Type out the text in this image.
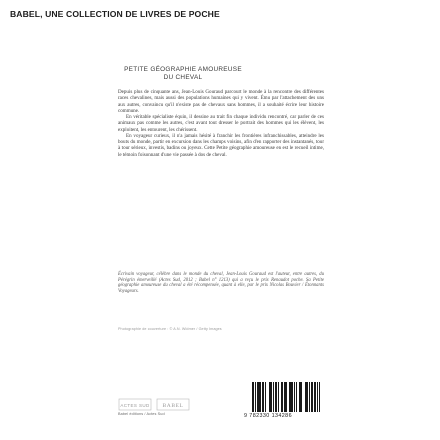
BABEL, UNE COLLECTION DE LIVRES DE POCHE
PETITE GÉOGRAPHIE AMOUREUSE
DU CHEVAL

Depuis plus de cinquante ans, Jean-Louis Gouraud parcourt le monde à la rencontre des différentes races chevalines, mais aussi des populations humaines qui y vivent. Ému par l'attachement des uns aux autres, convaincu qu'il n'existe pas de chevaux sans hommes, il a souhaité écrire leur histoire commune.

En véritable spécialiste équin, il dessine au trait fin chaque individu rencontré, car parler de ces animaux pas comme les autres, c'est avant tout dresser le portrait des hommes qui les élèvent, les exploitent, les entourent, les chérissent.

En voyageur curieux, il n'a jamais hésité à franchir les frontières infranchissables, atteindre les bouts du monde, partir en excursion dans les champs voisins, afin d'en rapporter des instantanés, tour à tour sérieux, investis, badins ou joyeux. Cette Petite géographie amoureuse en est le recueil intime, le témoin foisonnant d'une vie passée à dos de cheval.

Écrivain voyageur, célèbre dans le monde du cheval, Jean-Louis Gouraud est l'auteur, entre autres, du Pérégrin émerveillé (Actes Sud, 2012 ; Babel n° 1213) qui a reçu le prix Renaudot poche. Sa Petite géographie amoureuse du cheval a été récompensée, quant à elle, par le prix Nicolas Bouvier / Étonnants Voyageurs.
Photographie de couverture : © A.N. Widmer / Getty Images
ACTES SUD BABEL
Babel éditions / Actes Sud	9 782330 134286
